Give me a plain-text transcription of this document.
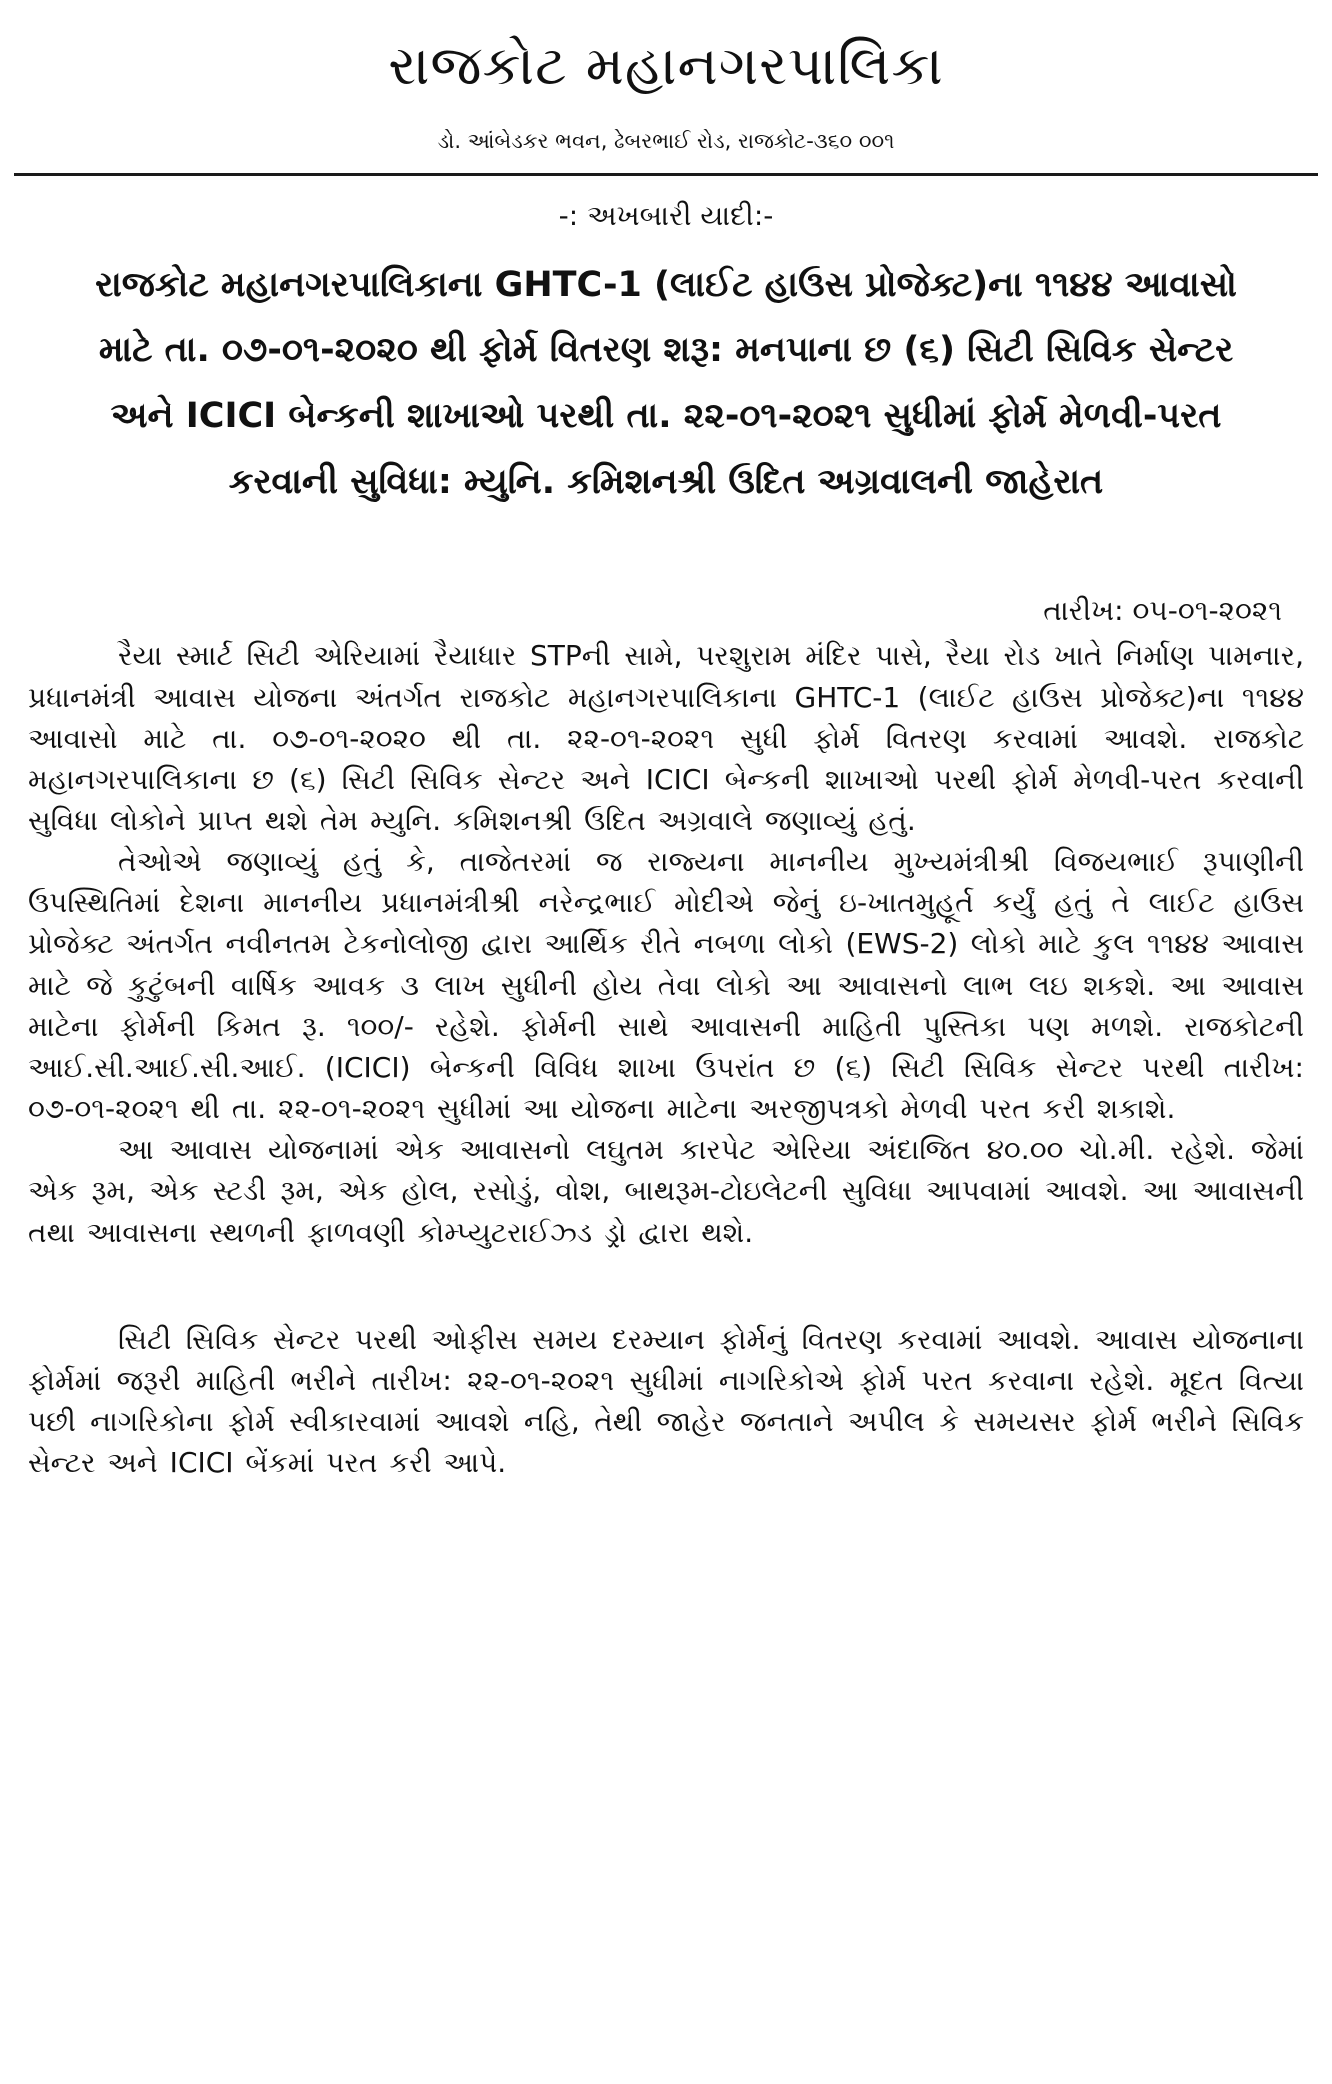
રાજકોટ મહાનગરપાલિકા
ડો. આંબેડકર ભવન, ઢેબરભાઈ રોડ, રાજકોટ-૩૬૦ ૦૦૧
-: અખબારી યાદી:-
રાજકોટ મહાનગરપાલિકાના GHTC-1 (લાઈટ હાઉસ પ્રોજેક્ટ)ના ૧૧૪૪ આવાસો માટે તા. ૦૭-૦૧-૨૦૨૦ થી ફોર્મ વિતરણ શરૂ: મનપાના છ (૬) સિટી સિવિક સેન્ટર અને ICICI બેન્કની શાખાઓ પરથી તા. ૨૨-૦૧-૨૦૨૧ સુધીમાં ફોર્મ મેળવી-પરત કરવાની સુવિધા: મ્યુનિ. કમિશનશ્રી ઉદિત અગ્રવાલની જાહેરાત
તારીખ: ૦૫-૦૧-૨૦૨૧

રૈયા સ્માર્ટ સિટી એરિયામાં રૈયાધાર STPની સામે, પરશુરામ મંદિર પાસે, રૈયા રોડ ખાતે નિર્માણ પામનાર, પ્રધાનમંત્રી આવાસ યોજના અંતર્ગત રાજકોટ મહાનગરપાલિકાના GHTC-1 (લાઈટ હાઉસ પ્રોજેક્ટ)ના ૧૧૪૪ આવાસો માટે તા. ૦૭-૦૧-૨૦૨૦ થી તા. ૨૨-૦૧-૨૦૨૧ સુધી ફોર્મ વિતરણ કરવામાં આવશે. રાજકોટ મહાનગરપાલિકાના છ (૬) સિટી સિવિક સેન્ટર અને ICICI બેન્કની શાખાઓ પરથી ફોર્મ મેળવી-પરત કરવાની સુવિધા લોકોને પ્રાપ્ત થશે તેમ મ્યુનિ. કમિશનશ્રી ઉદિત અગ્રવાલે જણાવ્યું હતું.

તેઓએ જણાવ્યું હતું કે, તાજેતરમાં જ રાજ્યના માનનીય મુખ્યમંત્રીશ્રી વિજયભાઈ રૂપાણીની ઉપસ્થિતિમાં દેશના માનનીય પ્રધાનમંત્રીશ્રી નરેન્દ્રભાઈ મોદીએ જેનું ઇ-ખાતમુહૂર્ત કર્યું હતું તે લાઈટ હાઉસ પ્રોજેક્ટ અંતર્ગત નવીનતમ ટેકનોલોજી દ્વારા આર્થિક રીતે નબળા લોકો (EWS-2) લોકો માટે કુલ ૧૧૪૪ આવાસ માટે જે કુટુંબની વાર્ષિક આવક ૩ લાખ સુધીની હોય તેવા લોકો આ આવાસનો લાભ લઇ શકશે. આ આવાસ માટેના ફોર્મની કિમત રૂ. ૧૦૦/- રહેશે. ફોર્મની સાથે આવાસની માહિતી પુસ્તિકા પણ મળશે. રાજકોટની આઈ.સી.આઈ.સી.આઈ. (ICICI) બેન્કની વિવિધ શાખા ઉપરાંત છ (૬) સિટી સિવિક સેન્ટર પરથી તારીખ: ૦૭-૦૧-૨૦૨૧ થી તા. ૨૨-૦૧-૨૦૨૧ સુધીમાં આ યોજના માટેના અરજીપત્રકો મેળવી પરત કરી શકાશે.

આ આવાસ યોજનામાં એક આવાસનો લઘુતમ કારપેટ એરિયા અંદાજિત ૪૦.૦૦ ચો.મી. રહેશે. જેમાં એક રૂમ, એક સ્ટડી રૂમ, એક હોલ, રસોડું, વોશ, બાથરૂમ-ટોઇલેટની સુવિધા આપવામાં આવશે. આ આવાસની તથા આવાસના સ્થળની ફાળવણી કોમ્પ્યુટરાઈઝ્ડ ડ્રો દ્વારા થશે.

સિટી સિવિક સેન્ટર પરથી ઓફીસ સમય દરમ્યાન ફોર્મનું વિતરણ કરવામાં આવશે. આવાસ યોજનાના ફોર્મમાં જરૂરી માહિતી ભરીને તારીખ: ૨૨-૦૧-૨૦૨૧ સુધીમાં નાગરિકોએ ફોર્મ પરત કરવાના રહેશે. મૂદત વિત્યા પછી નાગરિકોના ફોર્મ સ્વીકારવામાં આવશે નહિ, તેથી જાહેર જનતાને અપીલ કે સમયસર ફોર્મ ભરીને સિવિક સેન્ટર અને ICICI બેંકમાં પરત કરી આપે.
